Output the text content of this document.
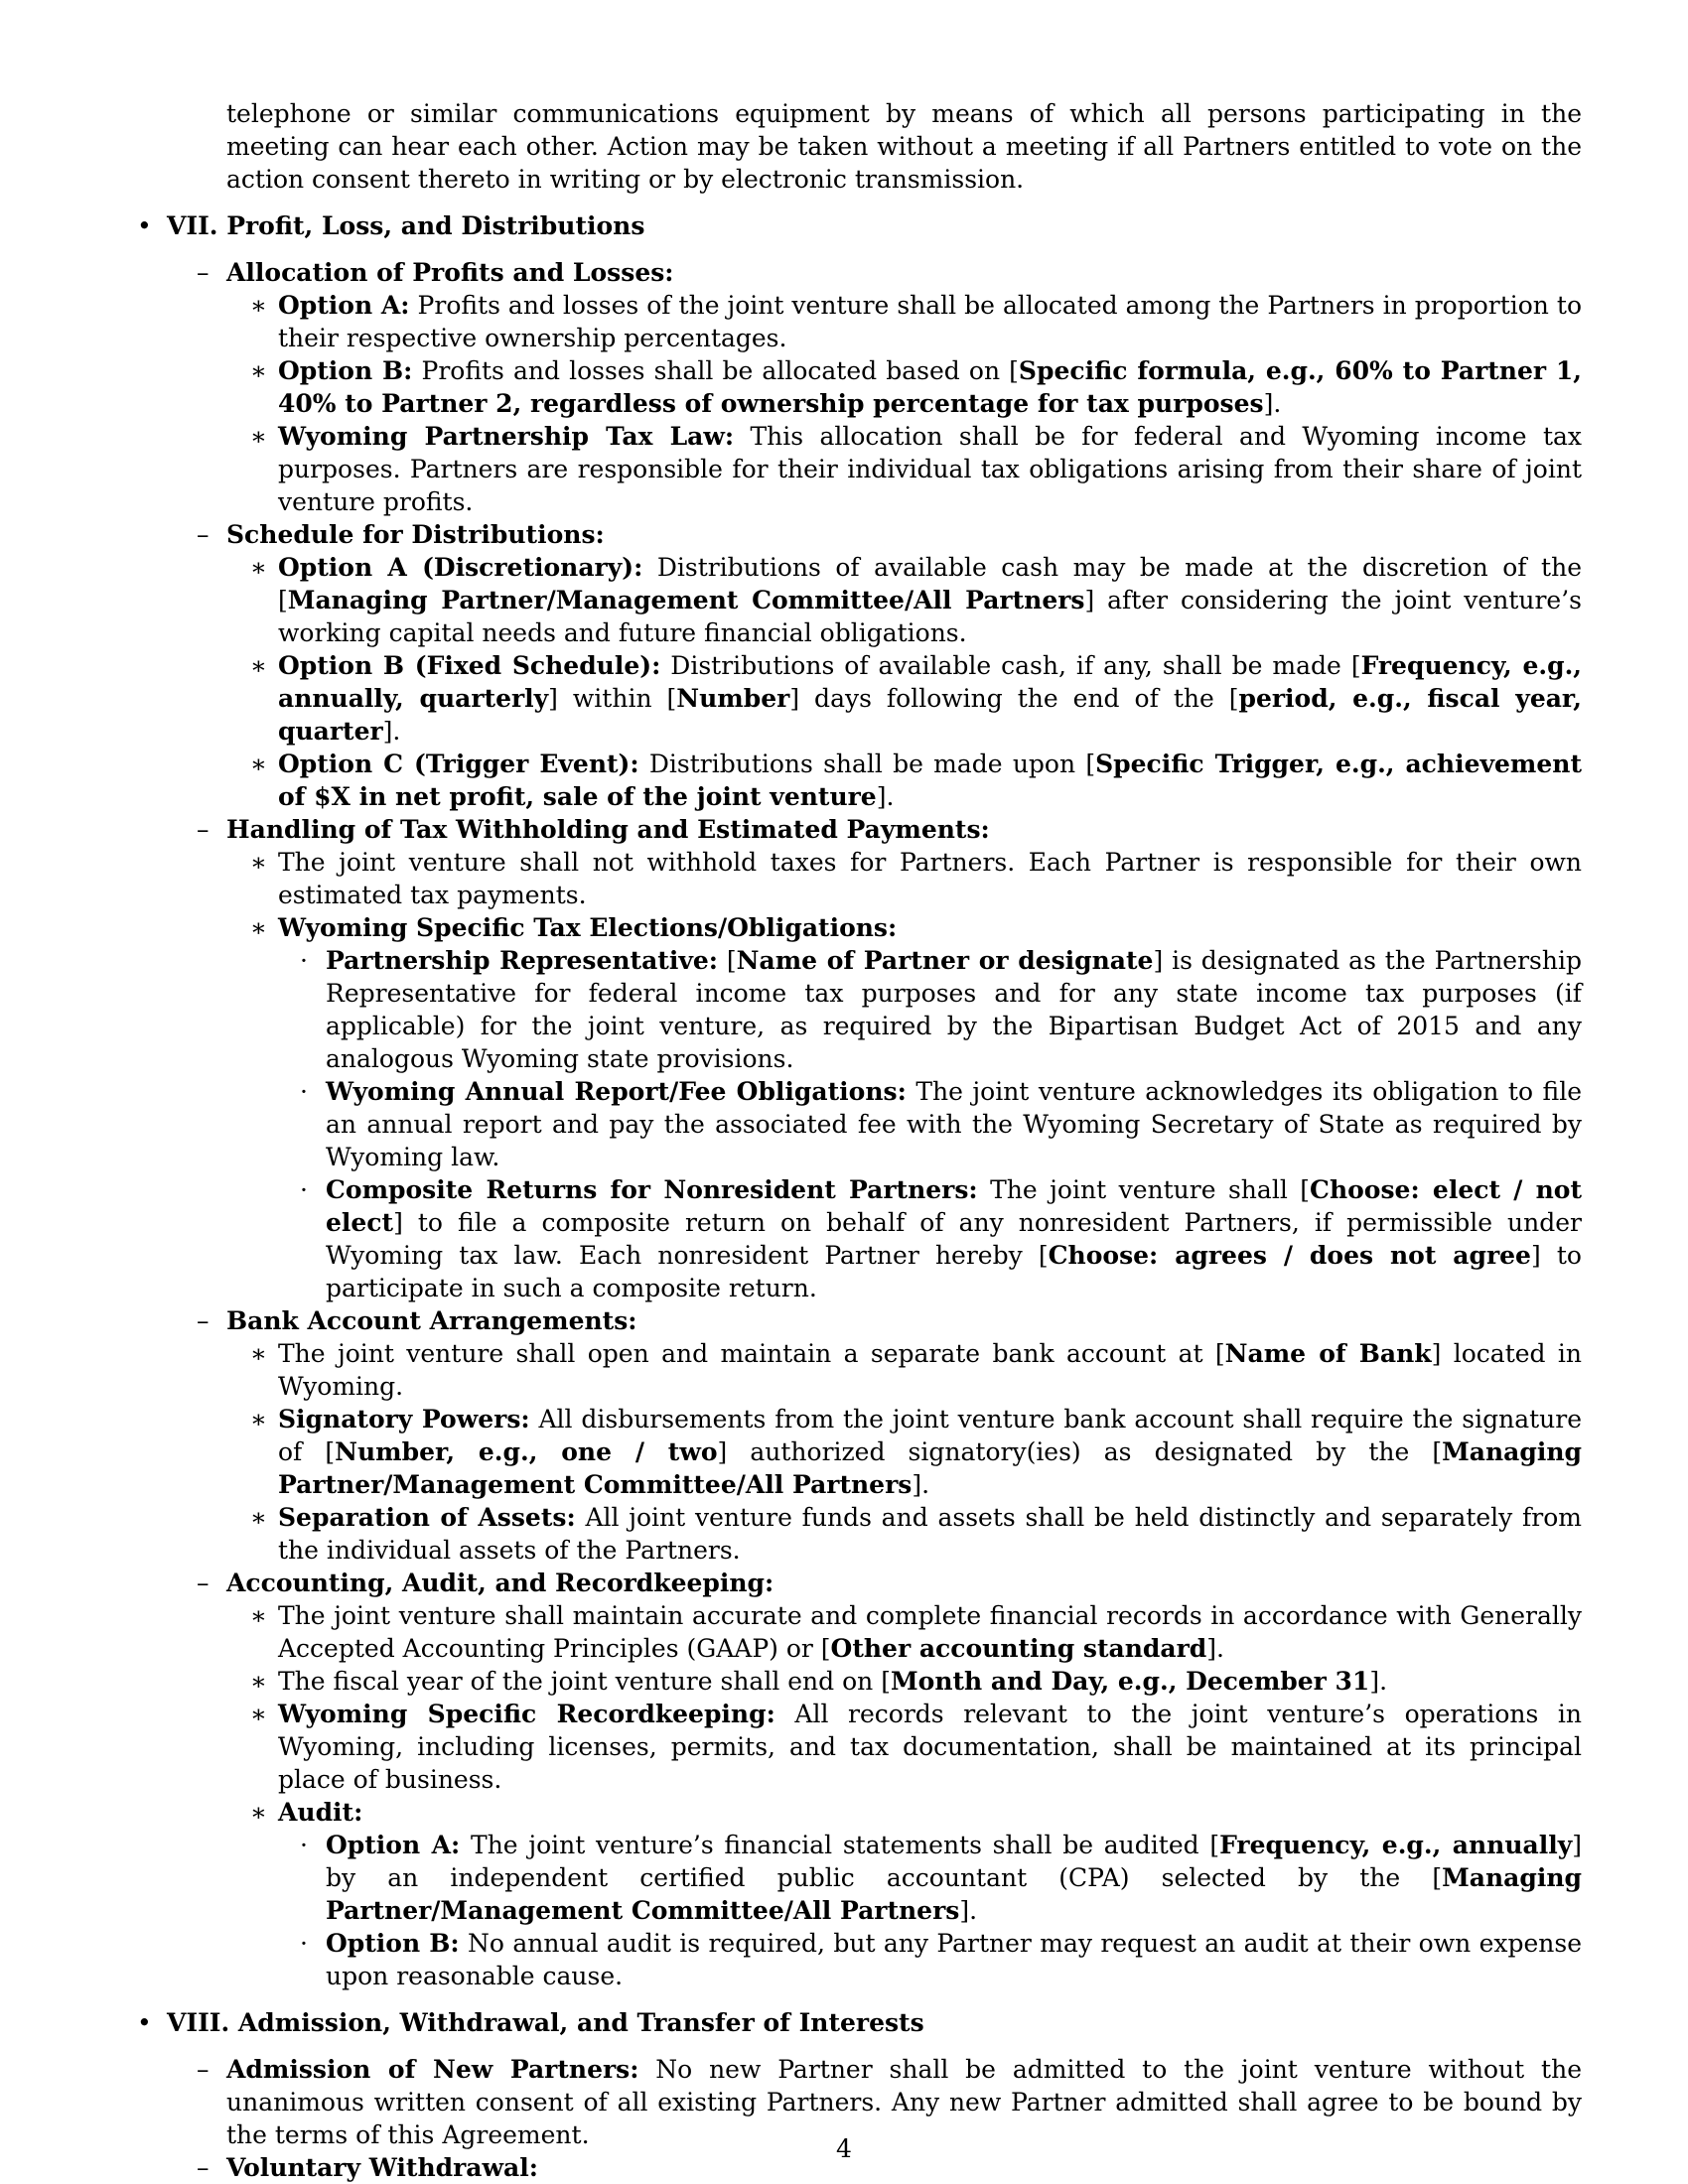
telephone or similar communications equipment by means of which all persons participating in the meeting can hear each other. Action may be taken without a meeting if all Partners entitled to vote on the action consent thereto in writing or by electronic transmission.
• VII. Profit, Loss, and Distributions
– Allocation of Profits and Losses:
∗ Option A: Profits and losses of the joint venture shall be allocated among the Partners in proportion to their respective ownership percentages.
∗ Option B: Profits and losses shall be allocated based on [Specific formula, e.g., 60% to Partner 1, 40% to Partner 2, regardless of ownership percentage for tax purposes].
∗ Wyoming Partnership Tax Law: This allocation shall be for federal and Wyoming income tax purposes. Partners are responsible for their individual tax obligations arising from their share of joint venture profits.
– Schedule for Distributions:
∗ Option A (Discretionary): Distributions of available cash may be made at the discretion of the [Managing Partner/Management Committee/All Partners] after considering the joint venture’s working capital needs and future financial obligations.
∗ Option B (Fixed Schedule): Distributions of available cash, if any, shall be made [Frequency, e.g., annually, quarterly] within [Number] days following the end of the [period, e.g., fiscal year, quarter].
∗ Option C (Trigger Event): Distributions shall be made upon [Specific Trigger, e.g., achievement of $X in net profit, sale of the joint venture].
– Handling of Tax Withholding and Estimated Payments:
∗ The joint venture shall not withhold taxes for Partners. Each Partner is responsible for their own estimated tax payments.
∗ Wyoming Specific Tax Elections/Obligations:
· Partnership Representative: [Name of Partner or designate] is designated as the Partnership Representative for federal income tax purposes and for any state income tax purposes (if applicable) for the joint venture, as required by the Bipartisan Budget Act of 2015 and any analogous Wyoming state provisions.
· Wyoming Annual Report/Fee Obligations: The joint venture acknowledges its obligation to file an annual report and pay the associated fee with the Wyoming Secretary of State as required by Wyoming law.
· Composite Returns for Nonresident Partners: The joint venture shall [Choose: elect / not elect] to file a composite return on behalf of any nonresident Partners, if permissible under Wyoming tax law. Each nonresident Partner hereby [Choose: agrees / does not agree] to participate in such a composite return.
– Bank Account Arrangements:
∗ The joint venture shall open and maintain a separate bank account at [Name of Bank] located in Wyoming.
∗ Signatory Powers: All disbursements from the joint venture bank account shall require the signature of [Number, e.g., one / two] authorized signatory(ies) as designated by the [Managing Partner/Management Committee/All Partners].
∗ Separation of Assets: All joint venture funds and assets shall be held distinctly and separately from the individual assets of the Partners.
– Accounting, Audit, and Recordkeeping:
∗ The joint venture shall maintain accurate and complete financial records in accordance with Generally Accepted Accounting Principles (GAAP) or [Other accounting standard].
∗ The fiscal year of the joint venture shall end on [Month and Day, e.g., December 31].
∗ Wyoming Specific Recordkeeping: All records relevant to the joint venture’s operations in Wyoming, including licenses, permits, and tax documentation, shall be maintained at its principal place of business.
∗ Audit:
· Option A: The joint venture’s financial statements shall be audited [Frequency, e.g., annually] by an independent certified public accountant (CPA) selected by the [Managing Partner/Management Committee/All Partners].
· Option B: No annual audit is required, but any Partner may request an audit at their own expense upon reasonable cause.
• VIII. Admission, Withdrawal, and Transfer of Interests
– Admission of New Partners: No new Partner shall be admitted to the joint venture without the unanimous written consent of all existing Partners. Any new Partner admitted shall agree to be bound by the terms of this Agreement.
– Voluntary Withdrawal:
4
